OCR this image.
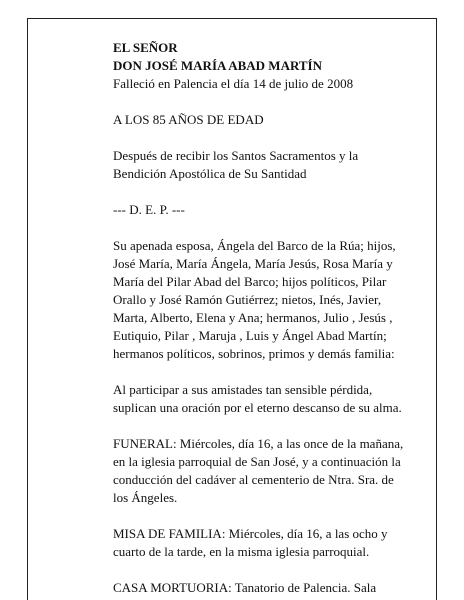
EL SEÑOR

DON JOSÉ MARÍA ABAD MARTÍN

Falleció en Palencia el día 14 de julio de 2008

A LOS 85 AÑOS DE EDAD

Después de recibir los Santos Sacramentos y la

Bendición Apostólica de Su Santidad

--- D. E. P. ---

Su apenada esposa, Ángela del Barco de la Rúa; hijos,

José María, María Ángela, María Jesús, Rosa María y

María del Pilar Abad del Barco; hijos políticos, Pilar

Orallo y José Ramón Gutiérrez; nietos, Inés, Javier,

Marta, Alberto, Elena y Ana; hermanos, Julio , Jesús ,

Eutiquio, Pilar , Maruja , Luis y Ángel Abad Martín;

hermanos políticos, sobrinos, primos y demás familia:

Al participar a sus amistades tan sensible pérdida,

suplican una oración por el eterno descanso de su alma.

FUNERAL: Miércoles, día 16, a las once de la mañana,

en la iglesia parroquial de San José, y a continuación la

conducción del cadáver al cementerio de Ntra. Sra. de

los Ángeles.

MISA DE FAMILIA: Miércoles, día 16, a las ocho y

cuarto de la tarde, en la misma iglesia parroquial.

CASA MORTUORIA: Tanatorio de Palencia. Sala
